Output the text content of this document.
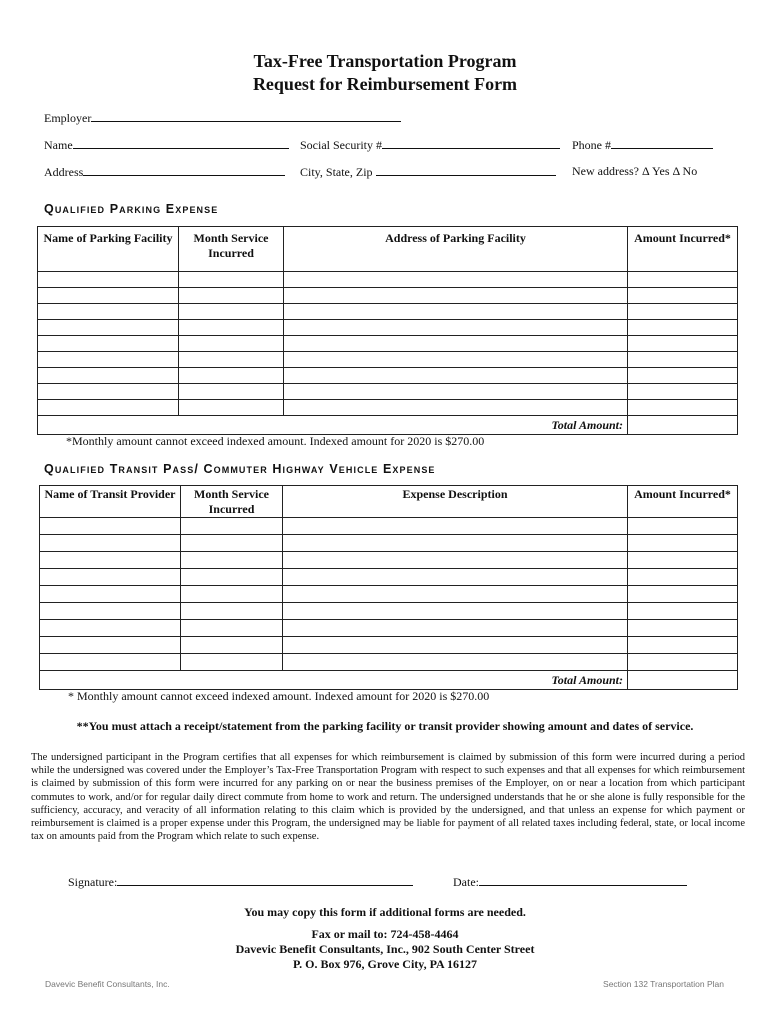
Tax-Free Transportation Program
Request for Reimbursement Form
Employer
Name	Social Security #	Phone #
Address	City, State, Zip	New address? Δ Yes Δ No
Qualified Parking Expense
Name of Parking Facility	Month Service Incurred	Address of Parking Facility	Amount Incurred*

Total Amount:			
*Monthly amount cannot exceed indexed amount. Indexed amount for 2020 is $270.00
Qualified Transit Pass/ Commuter Highway Vehicle Expense
Name of Transit Provider	Month Service Incurred	Expense Description	Amount Incurred*

Total Amount:			
* Monthly amount cannot exceed indexed amount. Indexed amount for 2020 is $270.00
**You must attach a receipt/statement from the parking facility or transit provider showing amount and dates of service.
The undersigned participant in the Program certifies that all expenses for which reimbursement is claimed by submission of this form were incurred during a period while the undersigned was covered under the Employer’s Tax-Free Transportation Program with respect to such expenses and that all expenses for which reimbursement is claimed by submission of this form were incurred for any parking on or near the business premises of the Employer, on or near a location from which participant commutes to work, and/or for regular daily direct commute from home to work and return. The undersigned understands that he or she alone is fully responsible for the sufficiency, accuracy, and veracity of all information relating to this claim which is provided by the undersigned, and that unless an expense for which payment or reimbursement is claimed is a proper expense under this Program, the undersigned may be liable for payment of all related taxes including federal, state, or local income tax on amounts paid from the Program which relate to such expense.
Signature:	Date:
You may copy this form if additional forms are needed.
Fax or mail to: 724-458-4464
Davevic Benefit Consultants, Inc., 902 South Center Street
P. O. Box 976, Grove City, PA 16127
Davevic Benefit Consultants, Inc.	Section 132 Transportation Plan
